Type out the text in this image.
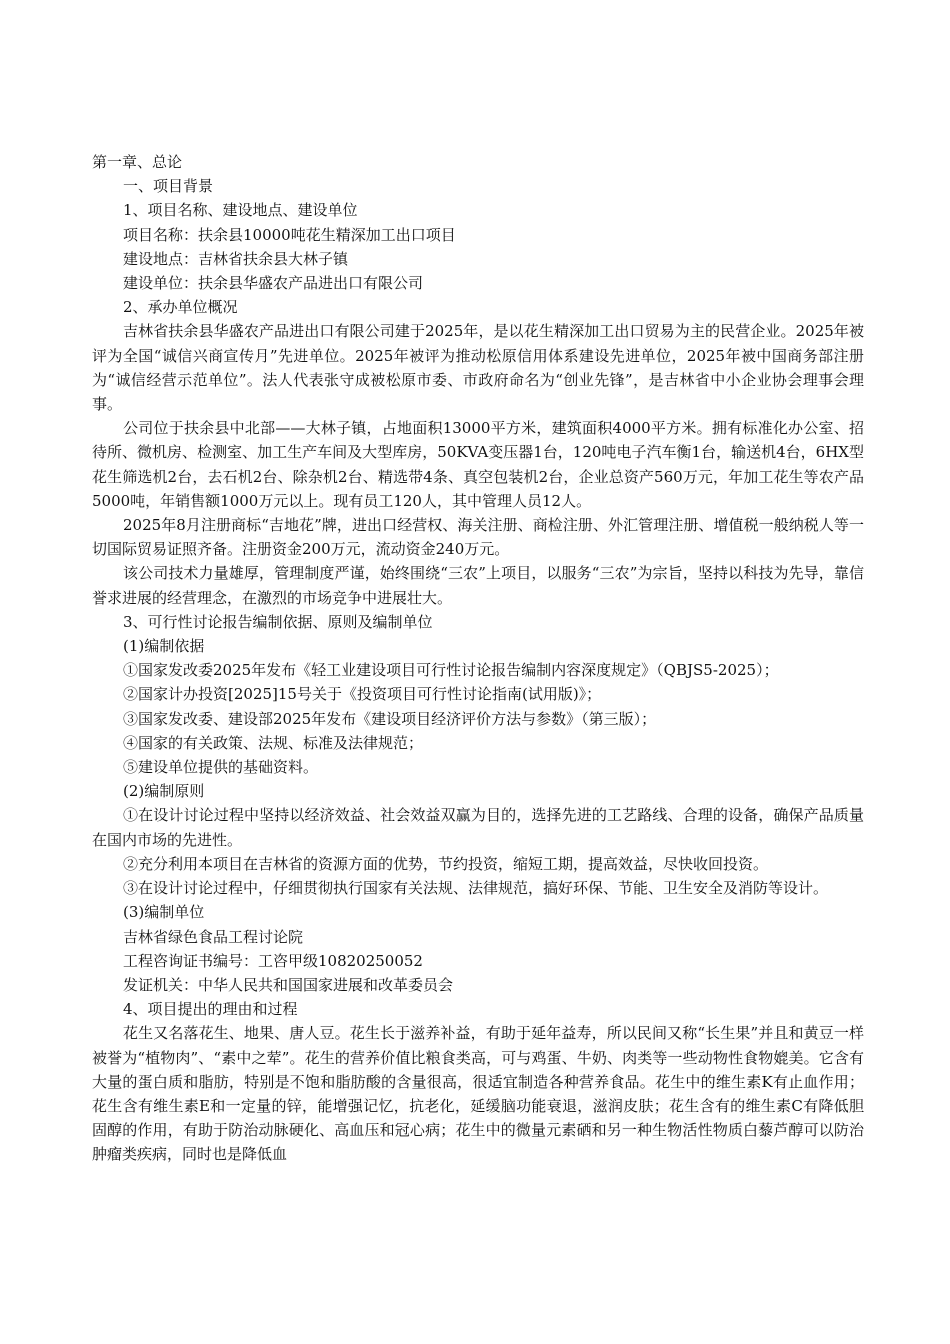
第一章、总论

一、项目背景

1、项目名称、建设地点、建设单位

项目名称：扶余县10000吨花生精深加工出口项目

建设地点：吉林省扶余县大林子镇

建设单位：扶余县华盛农产品进出口有限公司

2、承办单位概况

吉林省扶余县华盛农产品进出口有限公司建于2025年，是以花生精深加工出口贸易为主的民营企业。2025年被评为全国“诚信兴商宣传月”先进单位。2025年被评为推动松原信用体系建设先进单位，2025年被中国商务部注册为“诚信经营示范单位”。法人代表张守成被松原市委、市政府命名为“创业先锋”，是吉林省中小企业协会理事会理事。

公司位于扶余县中北部——大林子镇，占地面积13000平方米，建筑面积4000平方米。拥有标准化办公室、招待所、微机房、检测室、加工生产车间及大型库房，50KVA变压器1台，120吨电子汽车衡1台，输送机4台，6HX型花生筛选机2台，去石机2台、除杂机2台、精选带4条、真空包装机2台，企业总资产560万元，年加工花生等农产品5000吨，年销售额1000万元以上。现有员工120人，其中管理人员12人。

2025年8月注册商标“吉地花”牌，进出口经营权、海关注册、商检注册、外汇管理注册、增值税一般纳税人等一切国际贸易证照齐备。注册资金200万元，流动资金240万元。

该公司技术力量雄厚，管理制度严谨，始终围绕“三农”上项目，以服务“三农”为宗旨，坚持以科技为先导，靠信誉求进展的经营理念，在激烈的市场竞争中进展壮大。

3、可行性讨论报告编制依据、原则及编制单位

(1)编制依据

①国家发改委2025年发布《轻工业建设项目可行性讨论报告编制内容深度规定》（QBJS5-2025）；

②国家计办投资[2025]15号关于《投资项目可行性讨论指南(试用版)》；

③国家发改委、建设部2025年发布《建设项目经济评价方法与参数》（第三版）；

④国家的有关政策、法规、标准及法律规范；

⑤建设单位提供的基础资料。

(2)编制原则

①在设计讨论过程中坚持以经济效益、社会效益双赢为目的，选择先进的工艺路线、合理的设备，确保产品质量在国内市场的先进性。

②充分利用本项目在吉林省的资源方面的优势，节约投资，缩短工期，提高效益，尽快收回投资。

③在设计讨论过程中，仔细贯彻执行国家有关法规、法律规范，搞好环保、节能、卫生安全及消防等设计。

(3)编制单位

吉林省绿色食品工程讨论院

工程咨询证书编号：工咨甲级10820250052

发证机关：中华人民共和国国家进展和改革委员会

4、项目提出的理由和过程

花生又名落花生、地果、唐人豆。花生长于滋养补益，有助于延年益寿，所以民间又称“长生果”并且和黄豆一样被誉为“植物肉”、“素中之荤”。花生的营养价值比粮食类高，可与鸡蛋、牛奶、肉类等一些动物性食物媲美。它含有大量的蛋白质和脂肪，特别是不饱和脂肪酸的含量很高，很适宜制造各种营养食品。花生中的维生素K有止血作用；花生含有维生素E和一定量的锌，能增强记忆，抗老化，延缓脑功能衰退，滋润皮肤；花生含有的维生素C有降低胆固醇的作用，有助于防治动脉硬化、高血压和冠心病；花生中的微量元素硒和另一种生物活性物质白藜芦醇可以防治肿瘤类疾病，同时也是降低血
